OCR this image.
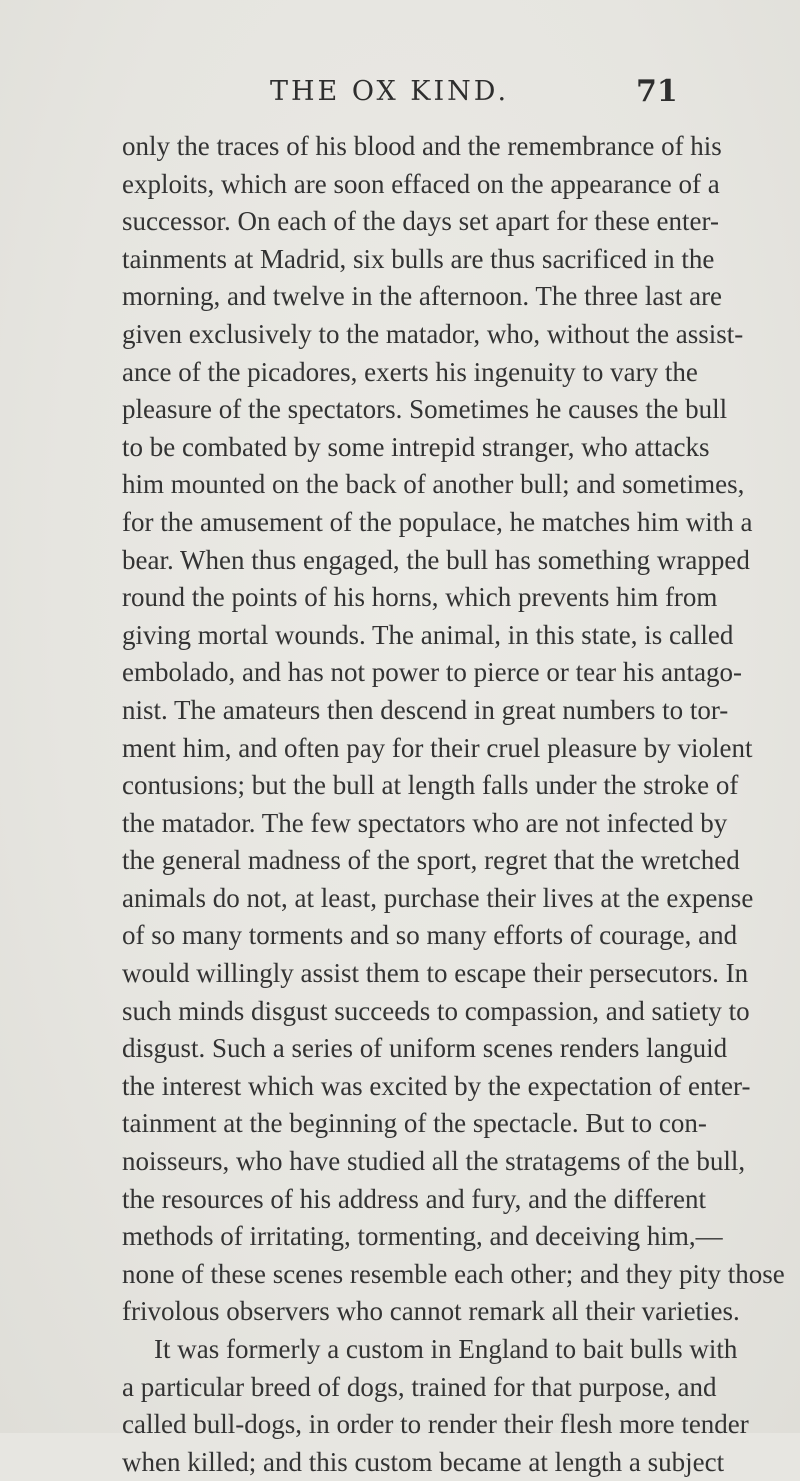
THE OX KIND.	71
only the traces of his blood and the remembrance of his
exploits, which are soon effaced on the appearance of a
successor. On each of the days set apart for these enter-
tainments at Madrid, six bulls are thus sacrificed in the
morning, and twelve in the afternoon. The three last are
given exclusively to the matador, who, without the assist-
ance of the picadores, exerts his ingenuity to vary the
pleasure of the spectators. Sometimes he causes the bull
to be combated by some intrepid stranger, who attacks
him mounted on the back of another bull; and sometimes,
for the amusement of the populace, he matches him with a
bear. When thus engaged, the bull has something wrapped
round the points of his horns, which prevents him from
giving mortal wounds. The animal, in this state, is called
embolado, and has not power to pierce or tear his antago-
nist. The amateurs then descend in great numbers to tor-
ment him, and often pay for their cruel pleasure by violent
contusions; but the bull at length falls under the stroke of
the matador. The few spectators who are not infected by
the general madness of the sport, regret that the wretched
animals do not, at least, purchase their lives at the expense
of so many torments and so many efforts of courage, and
would willingly assist them to escape their persecutors. In
such minds disgust succeeds to compassion, and satiety to
disgust. Such a series of uniform scenes renders languid
the interest which was excited by the expectation of enter-
tainment at the beginning of the spectacle. But to con-
noisseurs, who have studied all the stratagems of the bull,
the resources of his address and fury, and the different
methods of irritating, tormenting, and deceiving him,—
none of these scenes resemble each other; and they pity those
frivolous observers who cannot remark all their varieties.
It was formerly a custom in England to bait bulls with
a particular breed of dogs, trained for that purpose, and
called bull-dogs, in order to render their flesh more tender
when killed; and this custom became at length a subject
